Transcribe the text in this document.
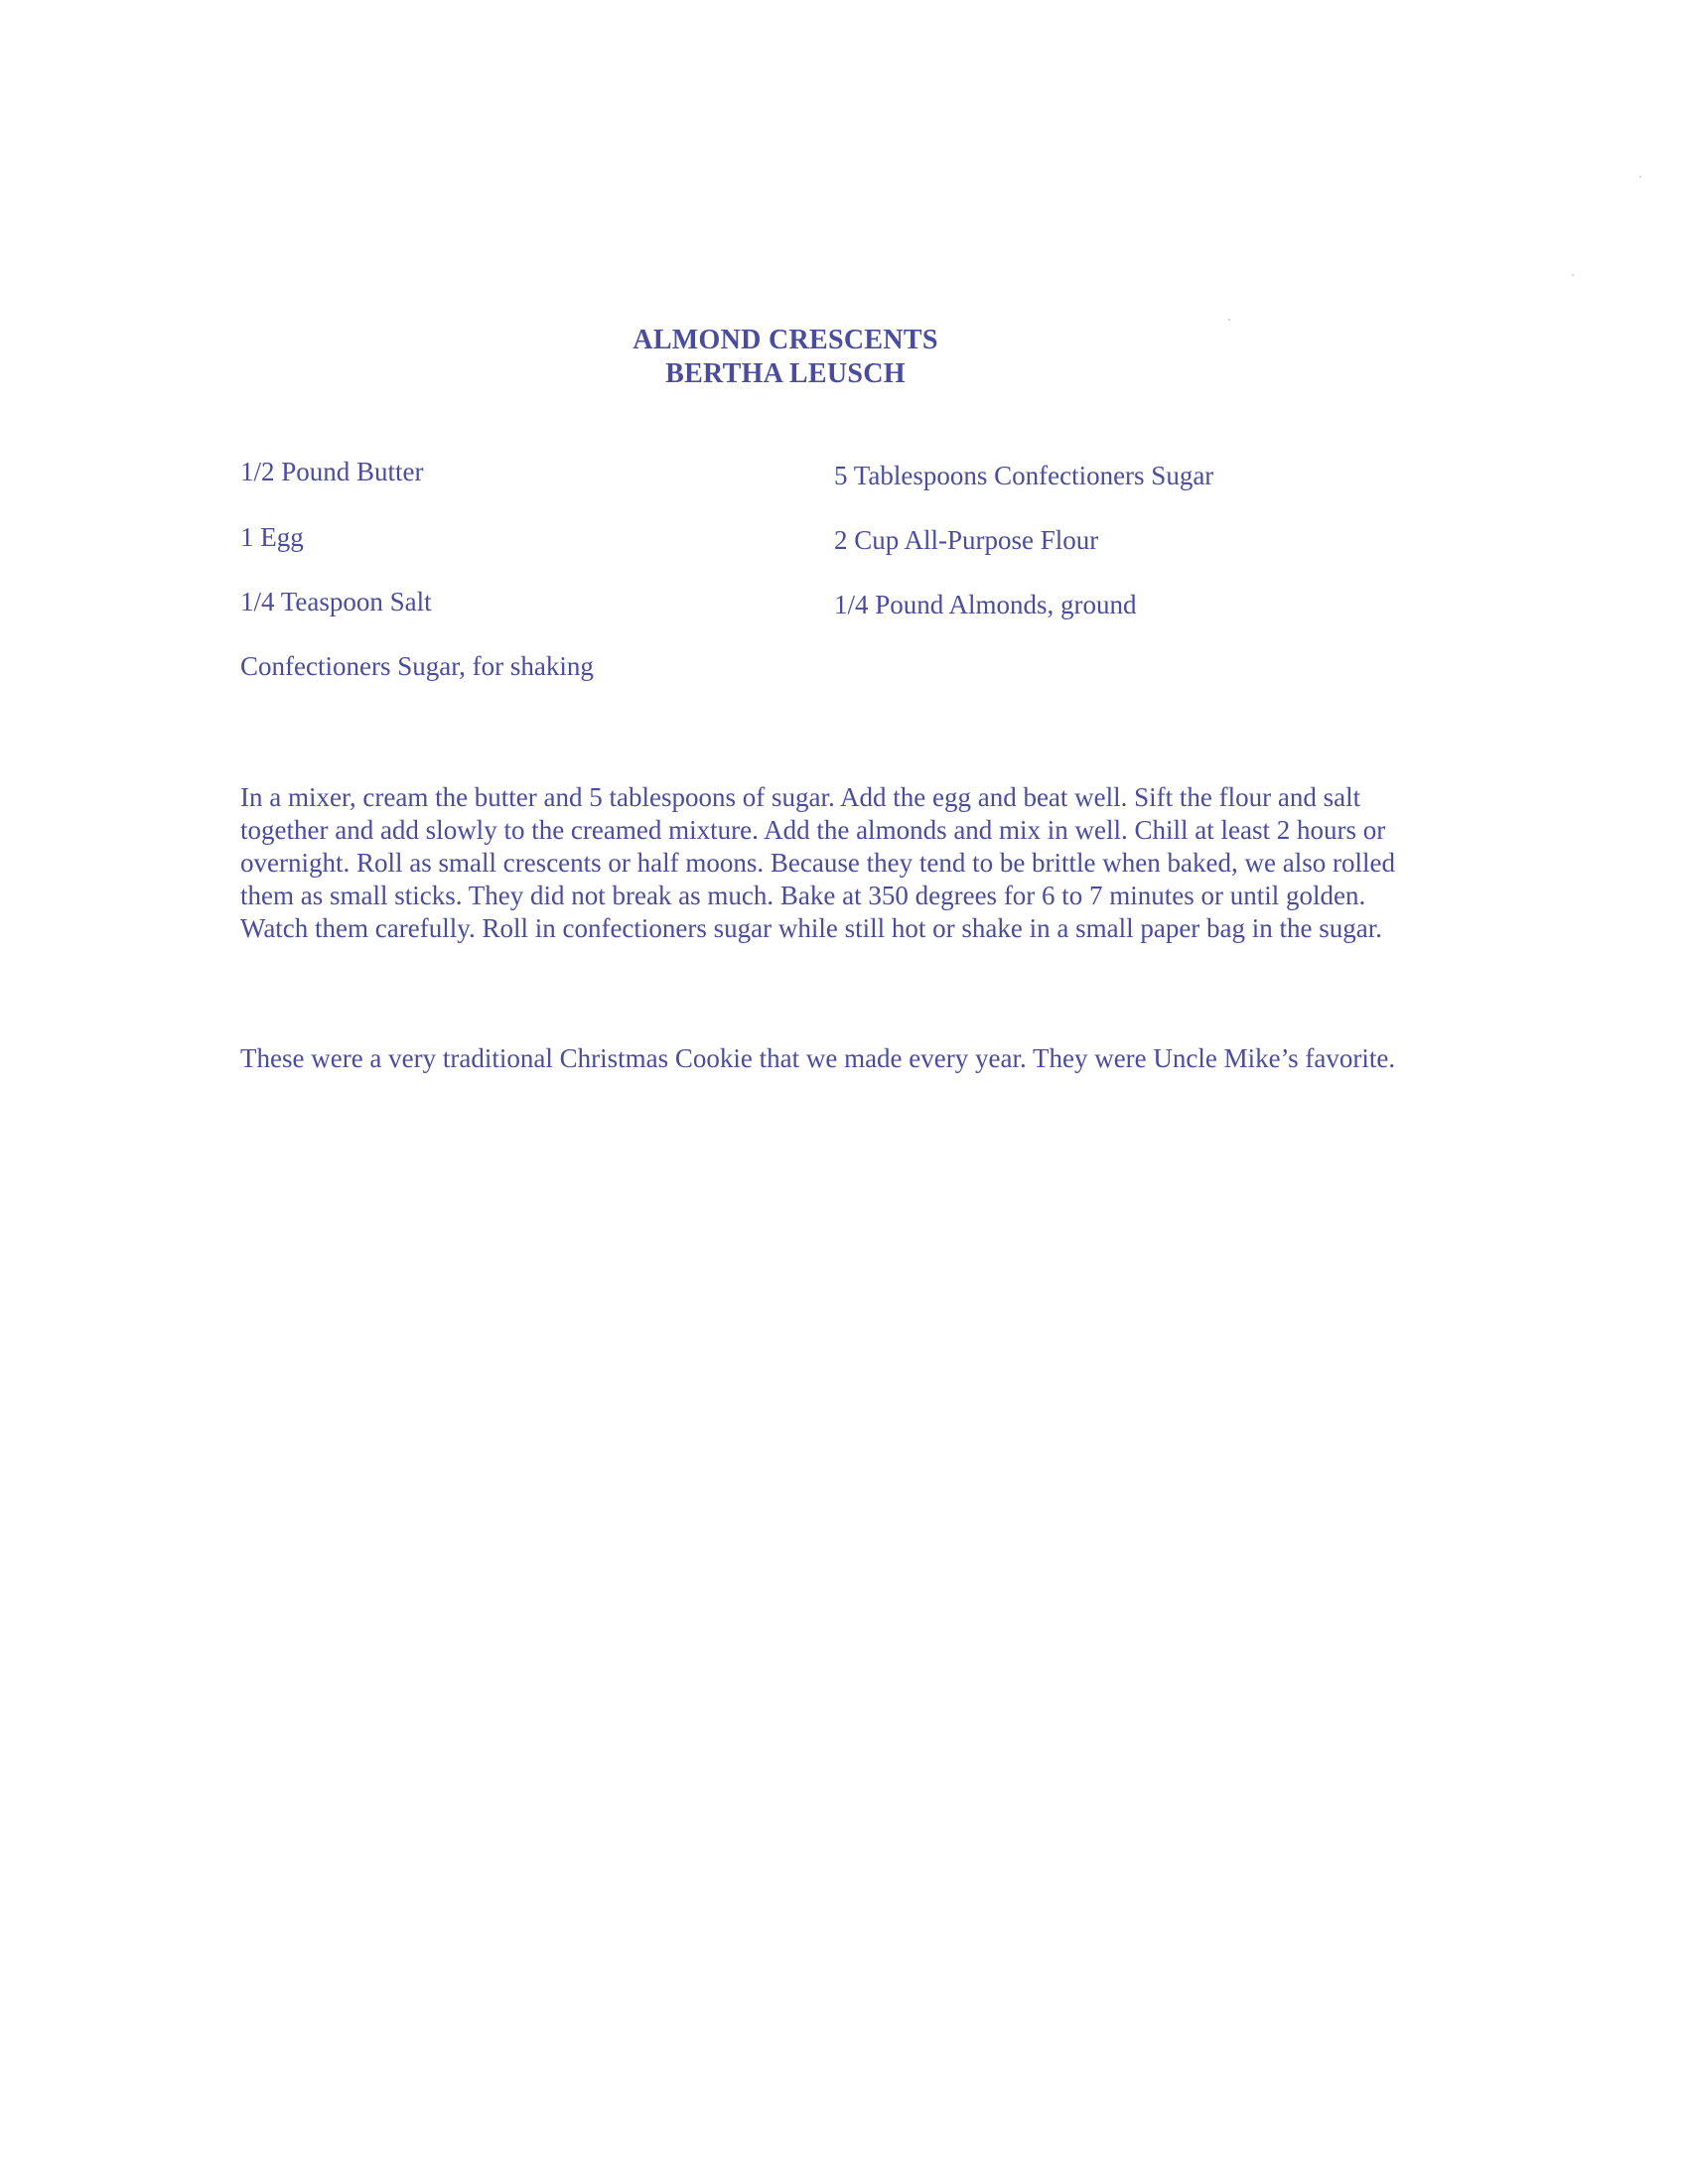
ALMOND CRESCENTS
BERTHA LEUSCH
1/2 Pound Butter
1 Egg
1/4 Teaspoon Salt
Confectioners Sugar, for shaking
5 Tablespoons Confectioners Sugar
2 Cup All-Purpose Flour
1/4 Pound Almonds, ground
In a mixer, cream the butter and 5 tablespoons of sugar. Add the egg and beat well. Sift the flour and salt together and add slowly to the creamed mixture. Add the almonds and mix in well. Chill at least 2 hours or overnight. Roll as small crescents or half moons. Because they tend to be brittle when baked, we also rolled them as small sticks. They did not break as much. Bake at 350 degrees for 6 to 7 minutes or until golden. Watch them carefully. Roll in confectioners sugar while still hot or shake in a small paper bag in the sugar.
These were a very traditional Christmas Cookie that we made every year. They were Uncle Mike’s favorite.
